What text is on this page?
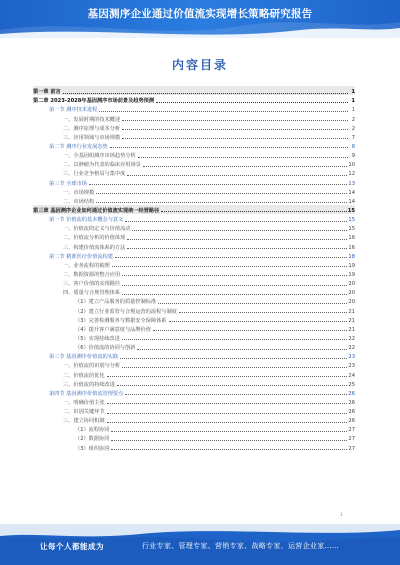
基因测序企业通过价值流实现增长策略研究报告
内容目录
第一章 前言	1
第二章 2023-2028年基因测序市场前景及趋势预测	1
第一节 测序技术进程	1
一、发展时期的技术概述	2
二、测序原理与成本分析	2
三、应用领域与市场规模	7
第二节 测序行业发展态势	8
一、全基因组测序市场趋势分析	9
二、以肿瘤为代表的临床应用场景	10
三、行业竞争格局与集中度	12
第三节 全球市场	13
一、市场规模	14
二、市场结构	14
第三章 基因测序企业如何通过价值流实现统一经营路径	15
第一节 价值流的基本概念与意义	15
一、价值流的定义与价值流动	15
二、价值流分析的价值体现	16
三、构建价值流体系的方法	16
第二节 精准医疗价值流构建	18
一、业务流程的梳理	19
二、数据资源的整合应用	19
三、客户价值的实现路径	20
四、质量与合规管理体系	20
（1）建立产品服务的质量控制标准	20
（2）建立行业监管与合规运营的流程与制度	21
（3）完善检测服务与数据安全保障体系	21
（4）提升客户满意度与品牌价值	21
（5）实现持续改进	22
（6）价值流的协同与创新	22
第三节 基因测序价值流的实践	23
一、价值流的识别与分析	23
二、价值流的优化	24
三、价值流的持续改进	25
第四节 基因测序价值流管理要点	26
一、明确价值主张	26
二、识别关键环节	26
三、建立协同机制	26
（1）流程协同	27
（2）数据协同	27
（3）组织协同	27
1
让每个人都能成为	行业专家、管理专家、营销专家、战略专家、运营企业家……
